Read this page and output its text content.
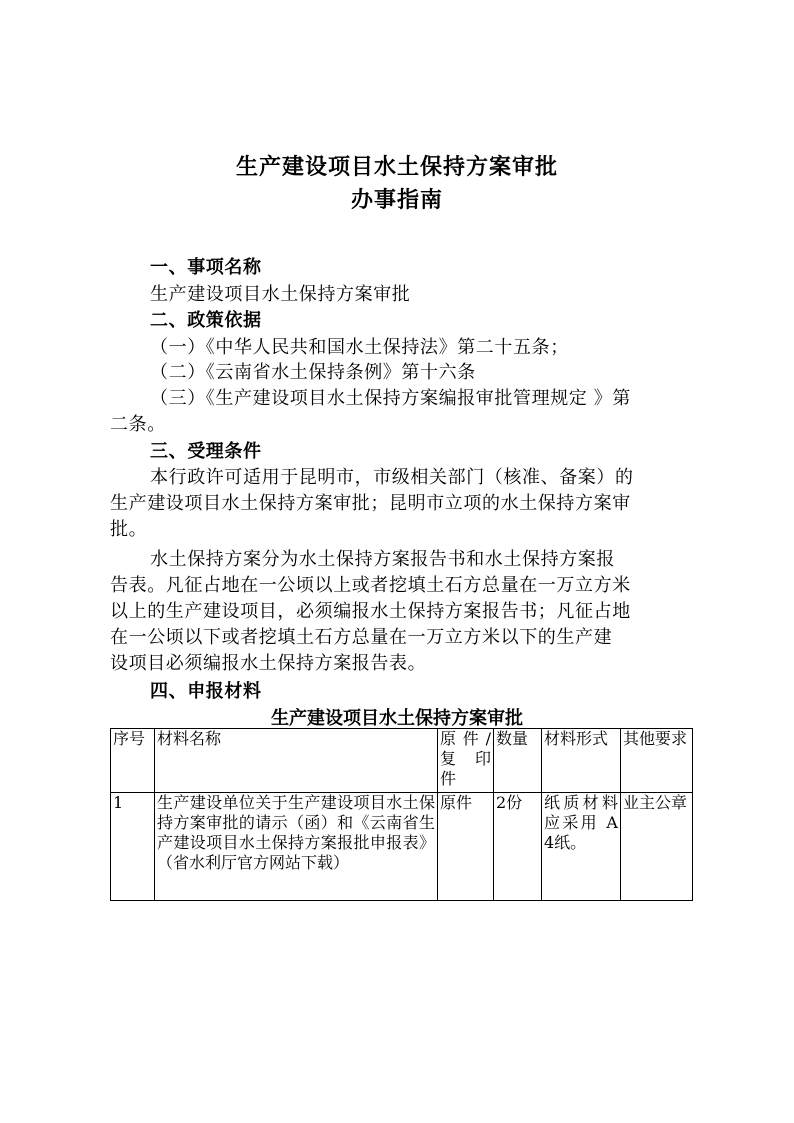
生产建设项目水土保持方案审批
办事指南
一、事项名称
生产建设项目水土保持方案审批
二、政策依据
（一）《中华人民共和国水土保持法》第二十五条；
（二）《云南省水土保持条例》第十六条
（三）《生产建设项目水土保持方案编报审批管理规定 》第
二条。
三、受理条件
本行政许可适用于昆明市，市级相关部门（核准、备案）的
生产建设项目水土保持方案审批；昆明市立项的水土保持方案审
批。
水土保持方案分为水土保持方案报告书和水土保持方案报
告表。凡征占地在一公顷以上或者挖填土石方总量在一万立方米
以上的生产建设项目，必须编报水土保持方案报告书；凡征占地
在一公顷以下或者挖填土石方总量在一万立方米以下的生产建
设项目必须编报水土保持方案报告表。
四、申报材料
生产建设项目水土保持方案审批
序号	材料名称	原件/复 印件	数量	材料形式	其他要求
1	生产建设单位关于生产建设项目水土保持方案审批的请示（函）和《云南省生产建设项目水土保持方案报批申报表》（省水利厅官方网站下载）	原件	2份	纸质材料应采用 A4纸。	业主公章
